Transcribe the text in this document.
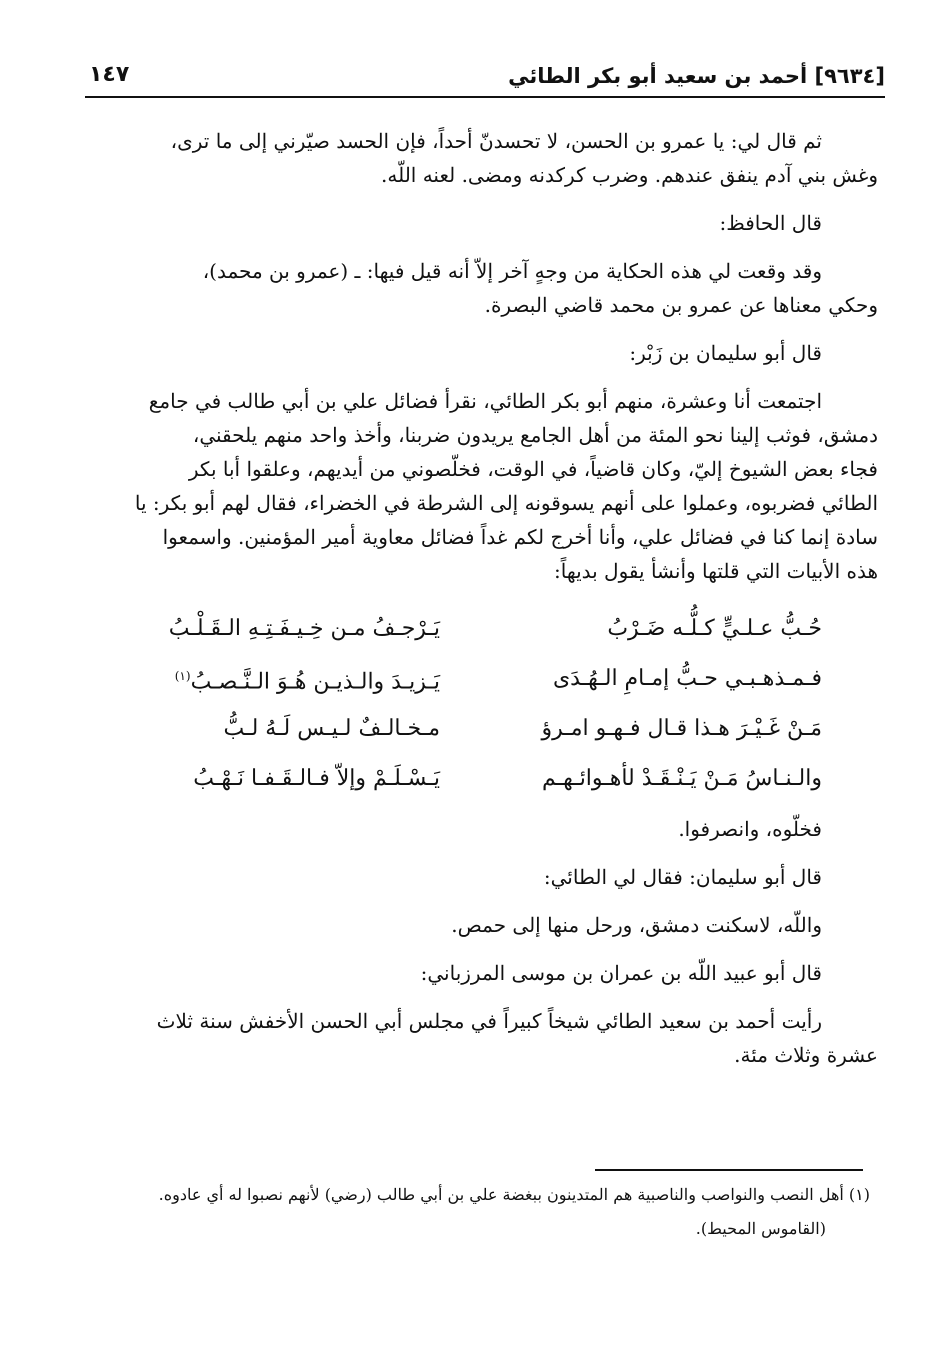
[٩٦٣٤] أحمد بن سعيد أبو بكر الطائي
١٤٧

ثم قال لي: يا عمرو بن الحسن، لا تحسدنّ أحداً، فإن الحسد صيّرني إلى ما ترى،

وغش بني آدم ينفق عندهم. وضرب كركدنه ومضى. لعنه اللّه.

قال الحافظ:

وقد وقعت لي هذه الحكاية من وجهٍ آخر إلاّ أنه قيل فيها: ـ (عمرو بن محمد)،

وحكي معناها عن عمرو بن محمد قاضي البصرة.

قال أبو سليمان بن زَبْر:

اجتمعت أنا وعشرة، منهم أبو بكر الطائي، نقرأ فضائل علي بن أبي طالب في جامع

دمشق، فوثب إلينا نحو المئة من أهل الجامع يريدون ضربنا، وأخذ واحد منهم يلحقني،

فجاء بعض الشيوخ إليّ، وكان قاضياً، في الوقت، فخلّصوني من أيديهم، وعلقوا أبا بكر

الطائي فضربوه، وعملوا على أنهم يسوقونه إلى الشرطة في الخضراء، فقال لهم أبو بكر: يا

سادة إنما كنا في فضائل علي، وأنا أخرج لكم غداً فضائل معاوية أمير المؤمنين. واسمعوا

هذه الأبيات التي قلتها وأنشأ يقول بديهاً:

حُـبُّ عـلـيٍّ كـلُّـه ضَـرْبُ
يَـرْجـفُ مـن خِـيـفَـتِـهِ الـقَـلْـبُ
فـمـذهـبـي حـبُّ إمـامِ الـهُـدَى
يَـزيـدَ والـذيـن هُـوَ الـنَّـصـبُ$^{(١)}$
مَـنْ غَـيْـرَ هـذا قـال فـهـو امـرؤ
مـخـالـفٌ لـيـس لَـهُ لـبُّ
والـنـاسُ مَـنْ يَـنْـقَـدْ لأهـوائـهـم
يَـسْـلَـمْ وإلاّ فـالـقَـفـا نَـهْـبُ

فخلّوه، وانصرفوا.

قال أبو سليمان: فقال لي الطائي:

واللّه، لاسكنت دمشق، ورحل منها إلى حمص.

قال أبو عبيد اللّه بن عمران بن موسى المرزباني:

رأيت أحمد بن سعيد الطائي شيخاً كبيراً في مجلس أبي الحسن الأخفش سنة ثلاث

عشرة وثلاث مئة.

(١) أهل النصب والنواصب والناصبية هم المتدينون ببغضة علي بن أبي طالب (رضي) لأنهم نصبوا له أي عادوه.

(القاموس المحيط).
